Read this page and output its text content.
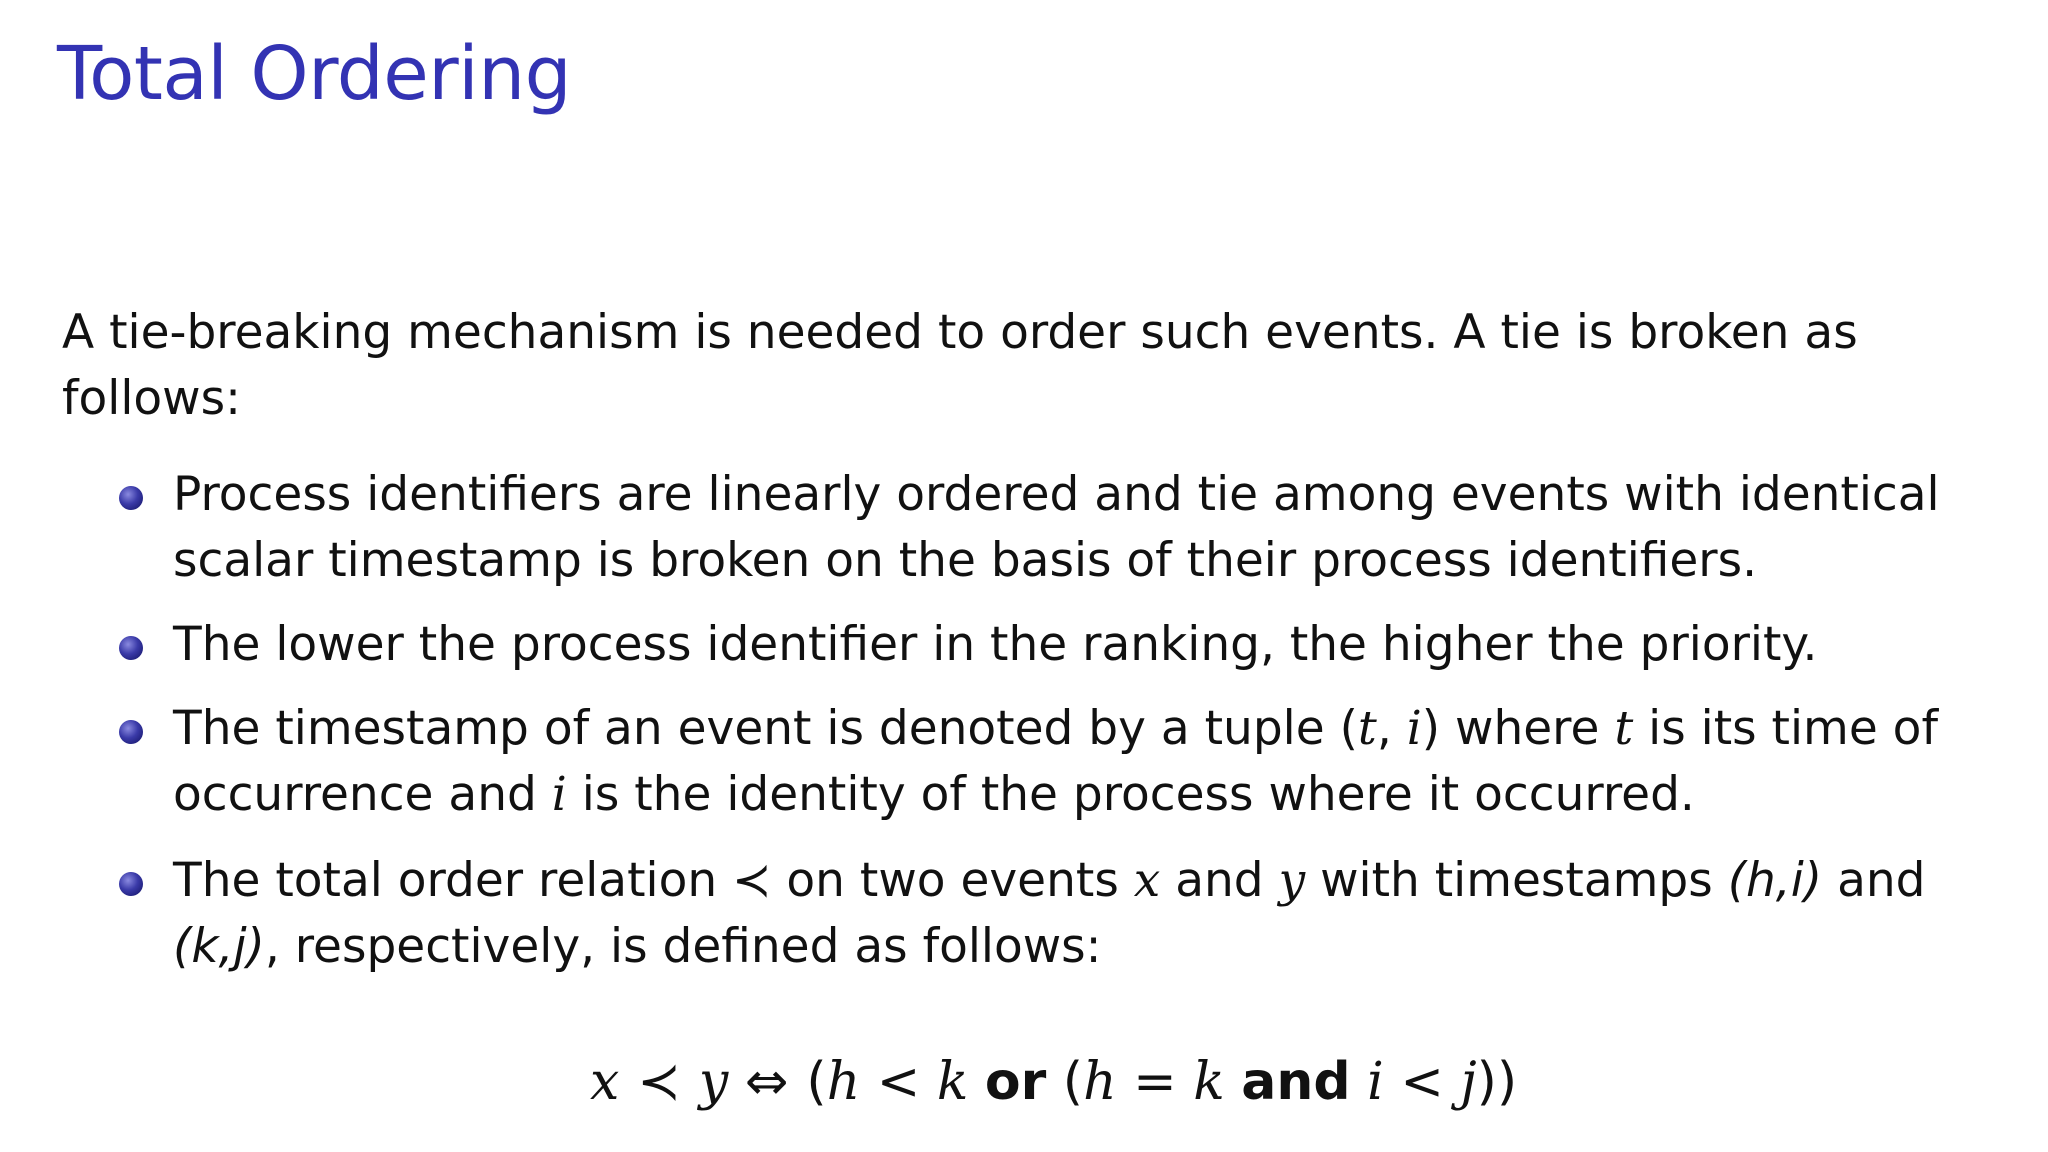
Total Ordering
A tie-breaking mechanism is needed to order such events. A tie is broken as follows:
Process identifiers are linearly ordered and tie among events with identical scalar timestamp is broken on the basis of their process identifiers.
The lower the process identifier in the ranking, the higher the priority.
The timestamp of an event is denoted by a tuple (t, i) where t is its time of occurrence and i is the identity of the process where it occurred.
The total order relation ≺ on two events x and y with timestamps (h,i) and (k,j), respectively, is defined as follows:
x ≺ y ⇔ (h < k or (h = k and i < j))
